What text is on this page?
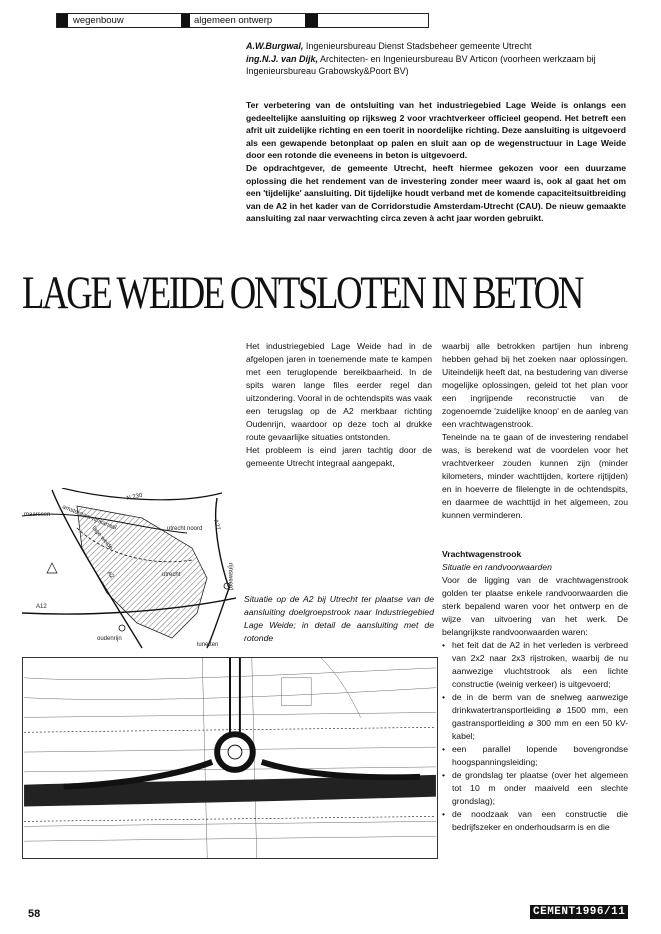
wegenbouw	algemeen ontwerp
A.W.Burgwal, Ingenieursbureau Dienst Stadsbeheer gemeente Utrecht
ing.N.J. van Dijk, Architecten- en Ingenieursbureau BV Articon (voorheen werkzaam bij Ingenieursbureau Grabowsky&Poort BV)

Ter verbetering van de ontsluiting van het industriegebied Lage Weide is onlangs een gedeeltelijke aansluiting op rijksweg 2 voor vrachtverkeer officieel geopend. Het betreft een afrit uit zuidelijke richting en een toerit in noordelijke richting. Deze aansluiting is uitgevoerd als een gewapende betonplaat op palen en sluit aan op de wegenstructuur in Lage Weide door een rotonde die eveneens in beton is uitgevoerd.

De opdrachtgever, de gemeente Utrecht, heeft hiermee gekozen voor een duurzame oplossing die het rendement van de investering zonder meer waard is, ook al gaat het om een 'tijdelijke' aansluiting. Dit tijdelijke houdt verband met de komende capaciteitsuitbreiding van de A2 in het kader van de Corridorstudie Amsterdam-Utrecht (CAU). De nieuw gemaakte aansluiting zal naar verwachting circa zeven à acht jaar worden gebruikt.

LAGE WEIDE ONTSLOTEN IN BETON

Het industriegebied Lage Weide had in de afgelopen jaren in toenemende mate te kampen met een teruglopende bereikbaarheid. In de spits waren lange files eerder regel dan uitzondering. Vooral in de ochtendspits was vaak een terugslag op de A2 merkbaar richting Oudenrijn, waardoor op deze toch al drukke route gevaarlijke situaties ontstonden.

Het probleem is eind jaren tachtig door de gemeente Utrecht integraal aangepakt,

Situatie op de A2 bij Utrecht ter plaatse van de aansluiting doelgroepstrook naar Industriegebied Lage Weide; in detail de aansluiting met de rotonde

waarbij alle betrokken partijen hun inbreng hebben gehad bij het zoeken naar oplossingen. Uiteindelijk heeft dat, na bestudering van diverse mogelijke oplossingen, geleid tot het plan voor een ingrijpende reconstructie van de zogenoemde 'zuidelijke knoop' en de aanleg van een vrachtwagenstrook.

Teneinde na te gaan of de investering rendabel was, is berekend wat de voordelen voor het vrachtverkeer zouden kunnen zijn (minder kilometers, minder wachttijden, kortere rijtijden) en in hoeverre de filelengte in de ochtendspits, en daarmee de wachttijd in het algemeen, zou kunnen verminderen.

Vrachtwagenstrook
Situatie en randvoorwaarden

Voor de ligging van de vrachtwagenstrook golden ter plaatse enkele randvoorwaarden die sterk bepalend waren voor het ontwerp en de wijze van uitvoering van het werk. De belangrijkste randvoorwaarden waren:

• het feit dat de A2 in het verleden is verbreed van 2x2 naar 2x3 rijstroken, waarbij de nu aanwezige vluchtstrook als een lichte constructie (weinig verkeer) is uitgevoerd;
• de in de berm van de snelweg aanwezige drinkwatertransportleiding ø 1500 mm, een gastransportleiding ø 300 mm en een 50 kV-kabel;
• een parallel lopende bovengrondse hoogspanningsleiding;
• de grondslag ter plaatse (over het algemeen tot 10 m onder maaiveld een slechte grondslag);
• de noodzaak van een constructie die bedrijfszeker en onderhoudsarm is en die
N 230
maarssen amsterdam-rijnkanaal	utrecht noord
lage weide
A27
A2	utrecht
A12
oudenrijn
lunetten
rijnsweerd
58	CEMENT1996/11
